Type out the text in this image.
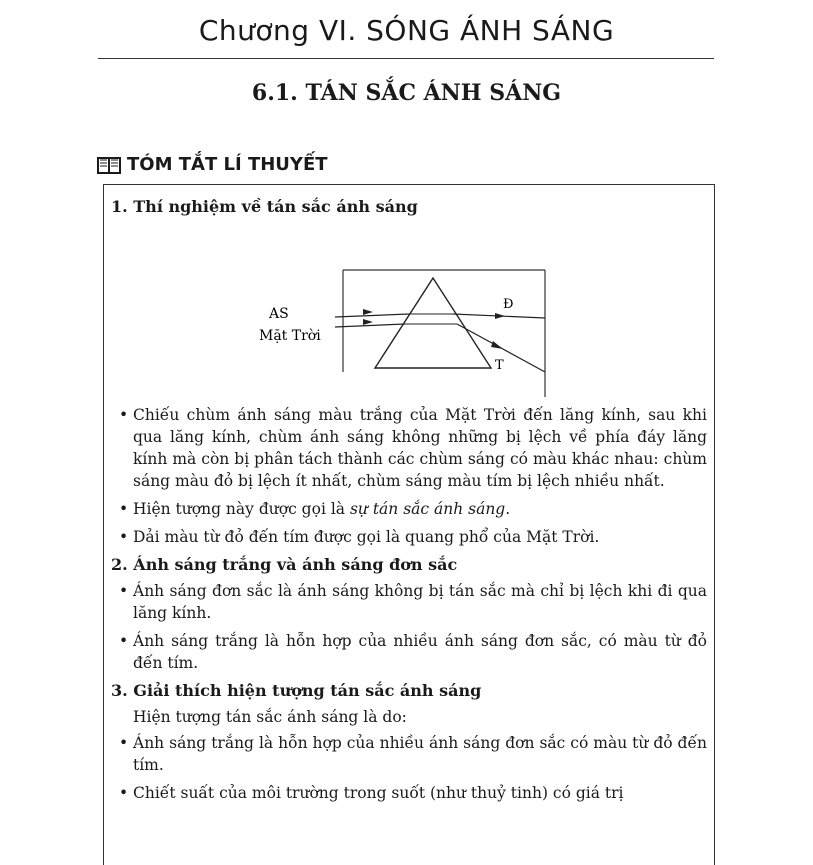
Chương VI. SÓNG ÁNH SÁNG
6.1. TÁN SẮC ÁNH SÁNG
TÓM TẮT LÍ THUYẾT
1. Thí nghiệm về tán sắc ánh sáng
AS
Mặt Trời
Đ
T
• Chiếu chùm ánh sáng màu trắng của Mặt Trời đến lăng kính, sau khi qua lăng kính, chùm ánh sáng không những bị lệch về phía đáy lăng kính mà còn bị phân tách thành các chùm sáng có màu khác nhau: chùm sáng màu đỏ bị lệch ít nhất, chùm sáng màu tím bị lệch nhiều nhất.
• Hiện tượng này được gọi là sự tán sắc ánh sáng.
• Dải màu từ đỏ đến tím được gọi là quang phổ của Mặt Trời.
2. Ánh sáng trắng và ánh sáng đơn sắc
• Ánh sáng đơn sắc là ánh sáng không bị tán sắc mà chỉ bị lệch khi đi qua lăng kính.
• Ánh sáng trắng là hỗn hợp của nhiều ánh sáng đơn sắc, có màu từ đỏ đến tím.
3. Giải thích hiện tượng tán sắc ánh sáng

Hiện tượng tán sắc ánh sáng là do:

• Ánh sáng trắng là hỗn hợp của nhiều ánh sáng đơn sắc có màu từ đỏ đến tím.
• Chiết suất của môi trường trong suốt (như thuỷ tinh) có giá trị
